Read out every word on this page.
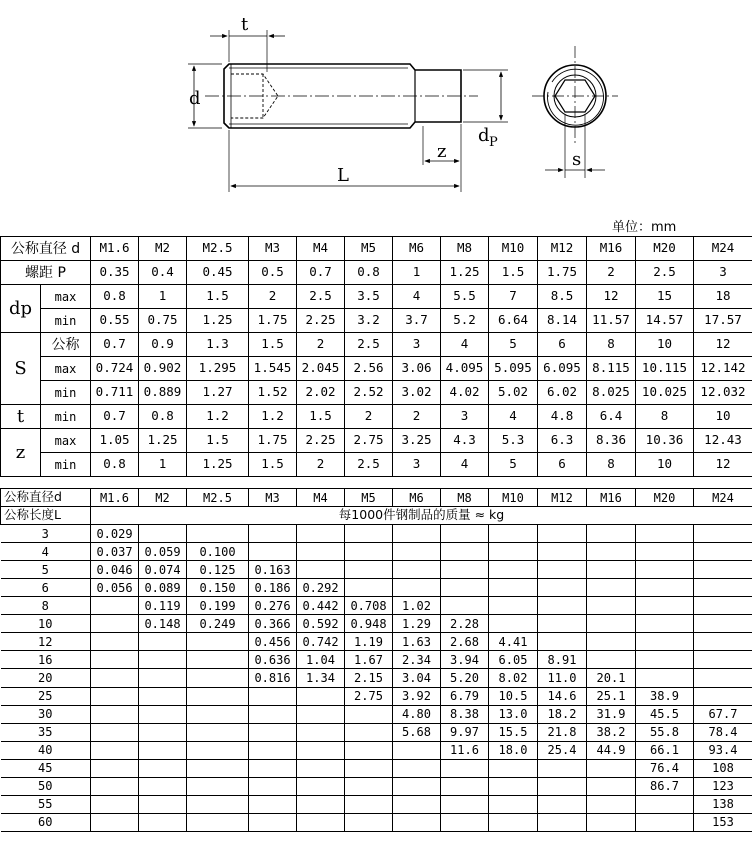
t
d
d P
z
L
s
单位：mm
公称直径 d		M1.6	M2	M2.5	M3	M4	M5	M6	M8	M10	M12	M16	M20	M24
螺距 P		0.35	0.4	0.45	0.5	0.7	0.8	1	1.25	1.5	1.75	2	2.5	3
dp	max	0.8	1	1.5	2	2.5	3.5	4	5.5	7	8.5	12	15	18
	min	0.55	0.75	1.25	1.75	2.25	3.2	3.7	5.2	6.64	8.14	11.57	14.57	17.57
S	公称	0.7	0.9	1.3	1.5	2	2.5	3	4	5	6	8	10	12
	max	0.724	0.902	1.295	1.545	2.045	2.56	3.06	4.095	5.095	6.095	8.115	10.115	12.142
	min	0.711	0.889	1.27	1.52	2.02	2.52	3.02	4.02	5.02	6.02	8.025	10.025	12.032
t	min	0.7	0.8	1.2	1.2	1.5	2	2	3	4	4.8	6.4	8	10
z	max	1.05	1.25	1.5	1.75	2.25	2.75	3.25	4.3	5.3	6.3	8.36	10.36	12.43
	min	0.8	1	1.25	1.5	2	2.5	3	4	5	6	8	10	12
公称直径d	M1.6	M2	M2.5	M3	M4	M5	M6	M8	M10	M12	M16	M20	M24
公称长度L	每1000件钢制品的质量 ≈ kg												
3	0.029												
4	0.037	0.059	0.100										
5	0.046	0.074	0.125	0.163									
6	0.056	0.089	0.150	0.186	0.292								
8		0.119	0.199	0.276	0.442	0.708	1.02						
10		0.148	0.249	0.366	0.592	0.948	1.29	2.28					
12				0.456	0.742	1.19	1.63	2.68	4.41				
16				0.636	1.04	1.67	2.34	3.94	6.05	8.91			
20				0.816	1.34	2.15	3.04	5.20	8.02	11.0	20.1		
25						2.75	3.92	6.79	10.5	14.6	25.1	38.9	
30							4.80	8.38	13.0	18.2	31.9	45.5	67.7
35							5.68	9.97	15.5	21.8	38.2	55.8	78.4
40								11.6	18.0	25.4	44.9	66.1	93.4
45												76.4	108
50												86.7	123
55													138
60													153
